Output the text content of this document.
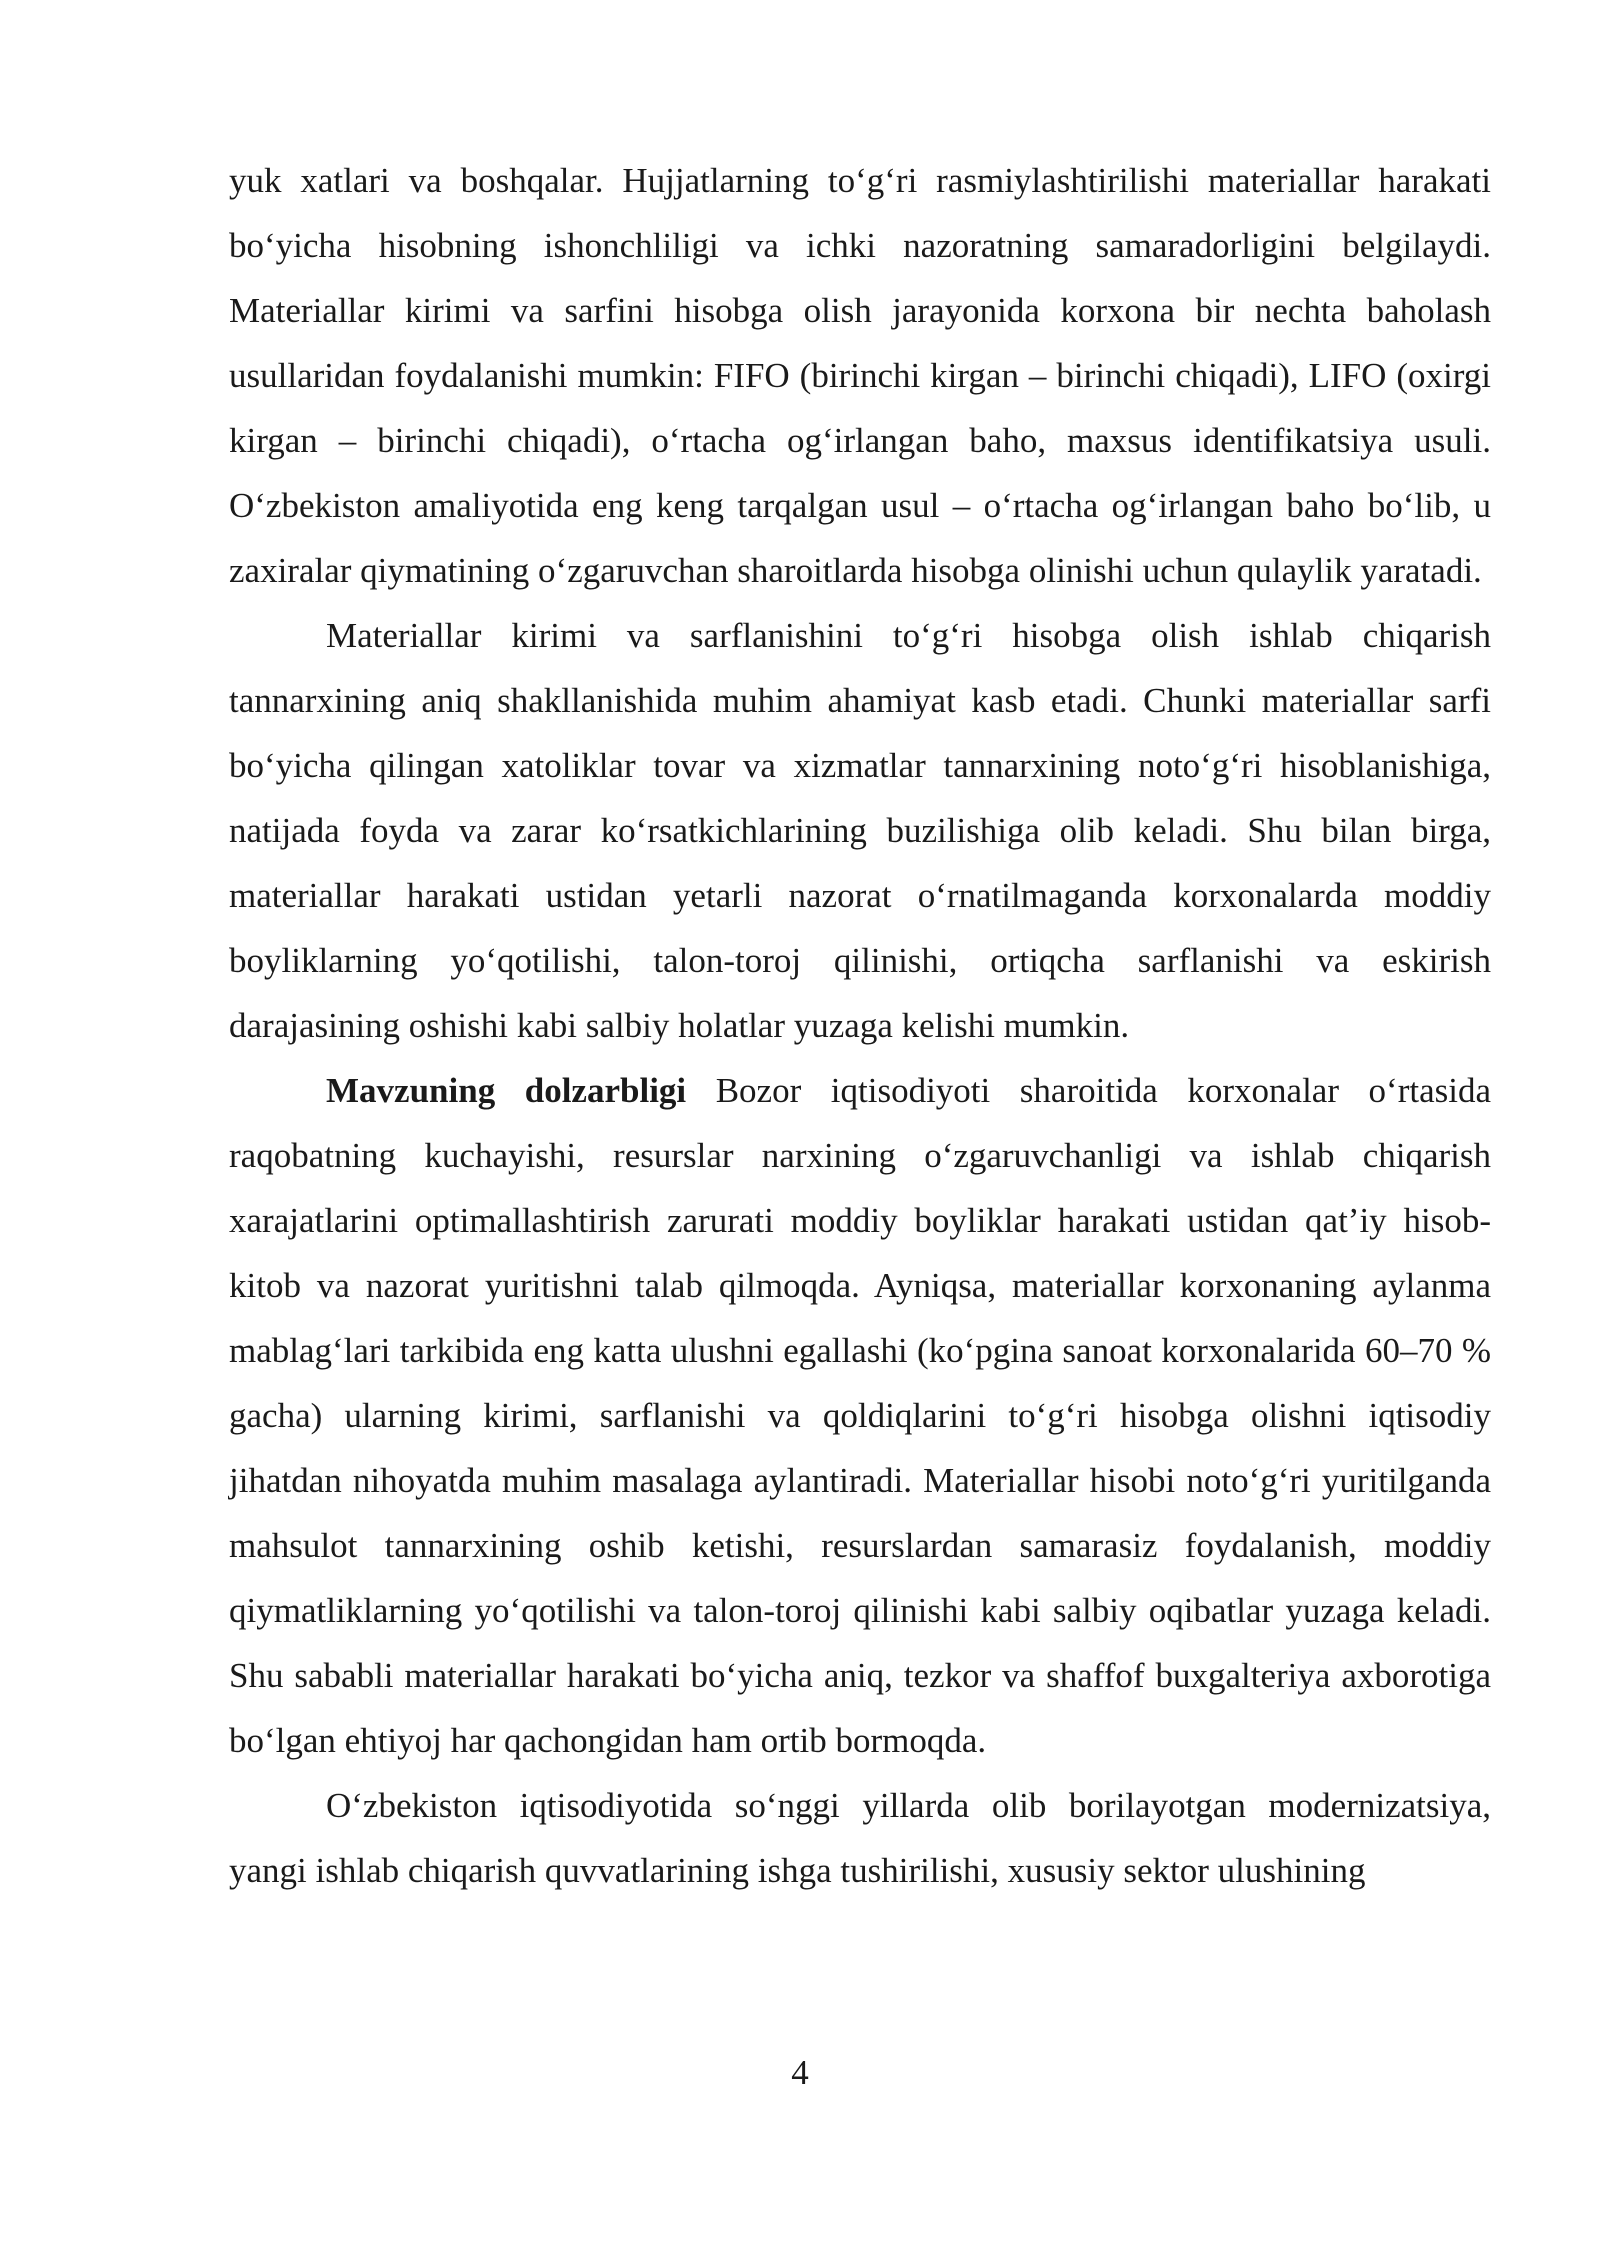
yuk xatlari va boshqalar. Hujjatlarning to‘g‘ri rasmiylashtirilishi materiallar harakati bo‘yicha hisobning ishonchliligi va ichki nazoratning samaradorligini belgilaydi. Materiallar kirimi va sarfini hisobga olish jarayonida korxona bir nechta baholash usullaridan foydalanishi mumkin: FIFO (birinchi kirgan – birinchi chiqadi), LIFO (oxirgi kirgan – birinchi chiqadi), o‘rtacha og‘irlangan baho, maxsus identifikatsiya usuli. O‘zbekiston amaliyotida eng keng tarqalgan usul – o‘rtacha og‘irlangan baho bo‘lib, u zaxiralar qiymatining o‘zgaruvchan sharoitlarda hisobga olinishi uchun qulaylik yaratadi.

Materiallar kirimi va sarflanishini to‘g‘ri hisobga olish ishlab chiqarish tannarxining aniq shakllanishida muhim ahamiyat kasb etadi. Chunki materiallar sarfi bo‘yicha qilingan xatoliklar tovar va xizmatlar tannarxining noto‘g‘ri hisoblanishiga, natijada foyda va zarar ko‘rsatkichlarining buzilishiga olib keladi. Shu bilan birga, materiallar harakati ustidan yetarli nazorat o‘rnatilmaganda korxonalarda moddiy boyliklarning yo‘qotilishi, talon-toroj qilinishi, ortiqcha sarflanishi va eskirish darajasining oshishi kabi salbiy holatlar yuzaga kelishi mumkin.

Mavzuning dolzarbligi Bozor iqtisodiyoti sharoitida korxonalar o‘rtasida raqobatning kuchayishi, resurslar narxining o‘zgaruvchanligi va ishlab chiqarish xarajatlarini optimallashtirish zarurati moddiy boyliklar harakati ustidan qat’iy hisob-kitob va nazorat yuritishni talab qilmoqda. Ayniqsa, materiallar korxonaning aylanma mablag‘lari tarkibida eng katta ulushni egallashi (ko‘pgina sanoat korxonalarida 60–70 % gacha) ularning kirimi, sarflanishi va qoldiqlarini to‘g‘ri hisobga olishni iqtisodiy jihatdan nihoyatda muhim masalaga aylantiradi. Materiallar hisobi noto‘g‘ri yuritilganda mahsulot tannarxining oshib ketishi, resurslardan samarasiz foydalanish, moddiy qiymatliklarning yo‘qotilishi va talon-toroj qilinishi kabi salbiy oqibatlar yuzaga keladi. Shu sababli materiallar harakati bo‘yicha aniq, tezkor va shaffof buxgalteriya axborotiga bo‘lgan ehtiyoj har qachongidan ham ortib bormoqda.

O‘zbekiston iqtisodiyotida so‘nggi yillarda olib borilayotgan modernizatsiya, yangi ishlab chiqarish quvvatlarining ishga tushirilishi, xususiy sektor ulushining

4
